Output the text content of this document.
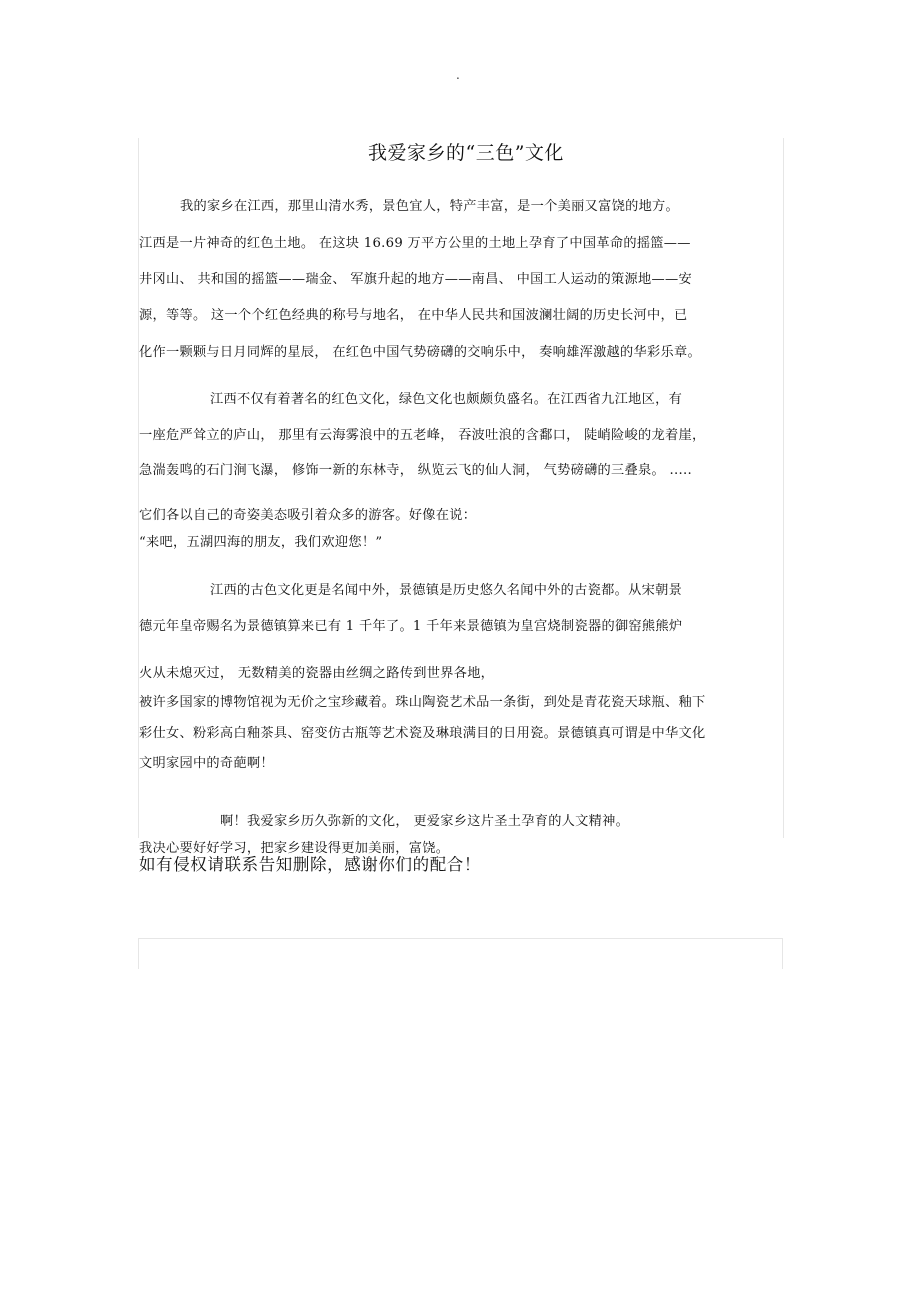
.
我爱家乡的“三色”文化
我的家乡在江西，那里山清水秀，景色宜人，特产丰富，是一个美丽又富饶的地方。
江西是一片神奇的红色土地。 在这块 16.69 万平方公里的土地上孕育了中国革命的摇篮——
井冈山、 共和国的摇篮——瑞金、 军旗升起的地方——南昌、 中国工人运动的策源地——安
源，等等。 这一个个红色经典的称号与地名， 在中华人民共和国波澜壮阔的历史长河中，已
化作一颗颗与日月同辉的星辰， 在红色中国气势磅礴的交响乐中， 奏响雄浑激越的华彩乐章。
江西不仅有着著名的红色文化，绿色文化也颇颇负盛名。在江西省九江地区，有
一座危严耸立的庐山， 那里有云海雾浪中的五老峰， 吞波吐浪的含鄱口， 陡峭险峻的龙着崖，
急湍轰鸣的石门涧飞瀑， 修饰一新的东林寺， 纵览云飞的仙人洞， 气势磅礴的三叠泉。 .....
它们各以自己的奇姿美态吸引着众多的游客。好像在说：
“来吧，五湖四海的朋友，我们欢迎您！”
江西的古色文化更是名闻中外，景德镇是历史悠久名闻中外的古瓷都。从宋朝景
德元年皇帝赐名为景德镇算来已有 1 千年了。1 千年来景德镇为皇宫烧制瓷器的御窑熊熊炉
火从未熄灭过， 无数精美的瓷器由丝绸之路传到世界各地，
被许多国家的博物馆视为无价之宝珍藏着。珠山陶瓷艺术品一条街，到处是青花瓷天球瓶、釉下
彩仕女、粉彩高白釉茶具、窑变仿古瓶等艺术瓷及琳琅满目的日用瓷。景德镇真可谓是中华文化
文明家园中的奇葩啊！
啊！我爱家乡历久弥新的文化， 更爱家乡这片圣土孕育的人文精神。
我决心要好好学习，把家乡建设得更加美丽，富饶。
如有侵权请联系告知删除，感谢你们的配合！
